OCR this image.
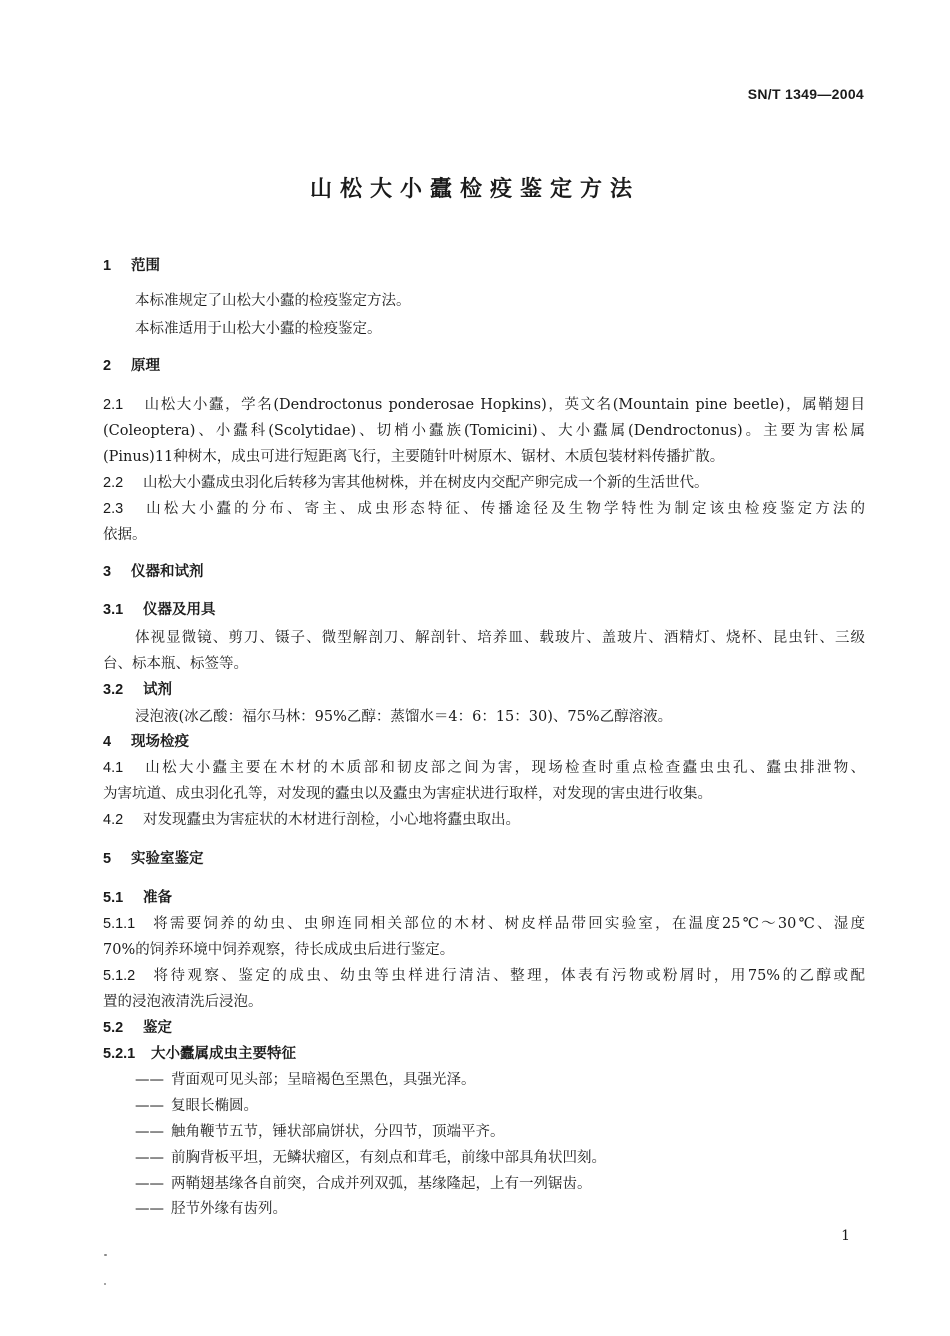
SN/T 1349—2004
山松大小蠹检疫鉴定方法
1 范围
本标准规定了山松大小蠹的检疫鉴定方法。
本标准适用于山松大小蠹的检疫鉴定。
2 原理
2.1 山松大小蠹，学名(Dendroctonus ponderosae Hopkins)，英文名(Mountain pine beetle)，属鞘翅目
(Coleoptera)、小蠹科(Scolytidae)、切梢小蠹族(Tomicini)、大小蠹属(Dendroctonus)。主要为害松属
(Pinus)11种树木，成虫可进行短距离飞行，主要随针叶树原木、锯材、木质包装材料传播扩散。
2.2 山松大小蠹成虫羽化后转移为害其他树株，并在树皮内交配产卵完成一个新的生活世代。
2.3 山松大小蠹的分布、寄主、成虫形态特征、传播途径及生物学特性为制定该虫检疫鉴定方法的
依据。
3 仪器和试剂
3.1 仪器及用具
体视显微镜、剪刀、镊子、微型解剖刀、解剖针、培养皿、载玻片、盖玻片、酒精灯、烧杯、昆虫针、三级
台、标本瓶、标签等。
3.2 试剂
浸泡液(冰乙酸：福尔马林：95%乙醇：蒸馏水＝4：6：15：30)、75%乙醇溶液。
4 现场检疫
4.1 山松大小蠹主要在木材的木质部和韧皮部之间为害，现场检查时重点检查蠹虫虫孔、蠹虫排泄物、
为害坑道、成虫羽化孔等，对发现的蠹虫以及蠹虫为害症状进行取样，对发现的害虫进行收集。
4.2 对发现蠹虫为害症状的木材进行剖检，小心地将蠹虫取出。
5 实验室鉴定
5.1 准备
5.1.1 将需要饲养的幼虫、虫卵连同相关部位的木材、树皮样品带回实验室，在温度25℃～30℃、湿度
70%的饲养环境中饲养观察，待长成成虫后进行鉴定。
5.1.2 将待观察、鉴定的成虫、幼虫等虫样进行清洁、整理，体表有污物或粉屑时，用75%的乙醇或配
置的浸泡液清洗后浸泡。
5.2 鉴定
5.2.1 大小蠹属成虫主要特征
—— 背面观可见头部；呈暗褐色至黑色，具强光泽。
—— 复眼长椭圆。
—— 触角鞭节五节，锤状部扁饼状，分四节，顶端平齐。
—— 前胸背板平坦，无鳞状瘤区，有刻点和茸毛，前缘中部具角状凹刻。
—— 两鞘翅基缘各自前突，合成并列双弧，基缘隆起，上有一列锯齿。
—— 胫节外缘有齿列。
1
